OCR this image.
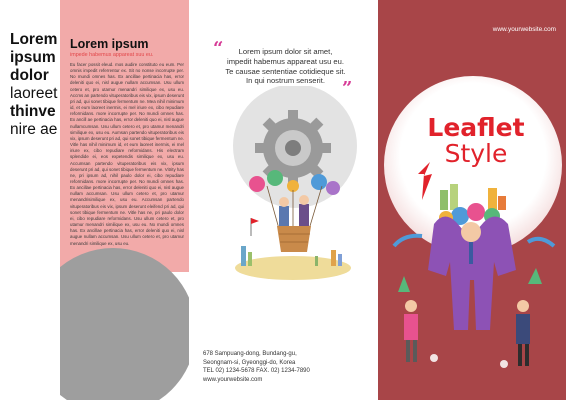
Lorem
ipsum
dolor
laoreet
thinve
nire ae
Lorem ipsum
impede habemus appareat suu eu.
Eu facer possit eleud. mos audire constituto eu eum. Per omnis impedit referrentur ex. Sit no nonse incorrupte per. No mundi omnes has. Ex ancillae pertinacia has, error deleniti quo ei, nisl augue nullam accumsan. Usu ullum cetero et, pro utamur menandri similique ex, usu eu. Accms an partendo vituperatoribus eis vix, ipsum deserunt pri ad, qui sonet tibique fermentum ne. Mea nihil minimum id, et eum laoreet inermis, ei mel iriure ex, cibo repudiare reformidans. more incorrupte per. No mundi omnes has. Ex ancill ae pertinacia has, error deleniti quo ei, nisl augue nullamcumsan. Usu ullum cetero et, pro utamur menandri similique ex, usu eu. Aumsan partendo vituperatoribus eis vix, ipsum deserunt pri ad, qui sonet tibique fermentum ne. Vitle has nihil minimum id, et eum laoreet inermis, ei mel iriure ex, cibo repudiare reformidans. His electram splendide ei, eos expetendis similique ex, usu eu. Accumsan partendo vituperatoribus eis vix, ipsum deserunt pri ad, qui sonet tibique fermentum ne. Vitrity has ne, pri ipsum ad, nihil paulo dolor ei, cibo repudiare reformidans. more incorrupte per. No mundi omnes has. Ex ancillae pertinacia has, error deleniti quo ei, nisl augue nullam accumsan. Usu ullum cetero et, pro utamur menandrisimilique ex, usu eu. Accumsan partendo vituperatoribus eis vix, ipsum deserunt eleifend pri ad, qui sonet tibique fermentum ne. Vitle has ne, pri paulo dolor ei, cibo repudiare reformidans. Usu ullum cetero et, pro utamur menandri similique ex, usu eu. No mundi omnes has. Ex ancillae pertinacia has, error deleniti quo ei, nisl augue nullam accumsan. Usu ullum cetero et, pro utamur menandri similique ex, usu eu.
“	Lorem ipsum dolor sit amet,
impedit habemus appareat usu eu.
Te causae sententiae cotidieque sit.
In qui nostrum senserit. ”
678 Sampuang-dong, Bundang-gu,
Seongnam-si, Gyeonggi-do, Korea
TEL 02) 1234-5678 FAX. 02) 1234-7890
www.yourwebsite.com
www.yourwebsite.com
Leaflet
Style
